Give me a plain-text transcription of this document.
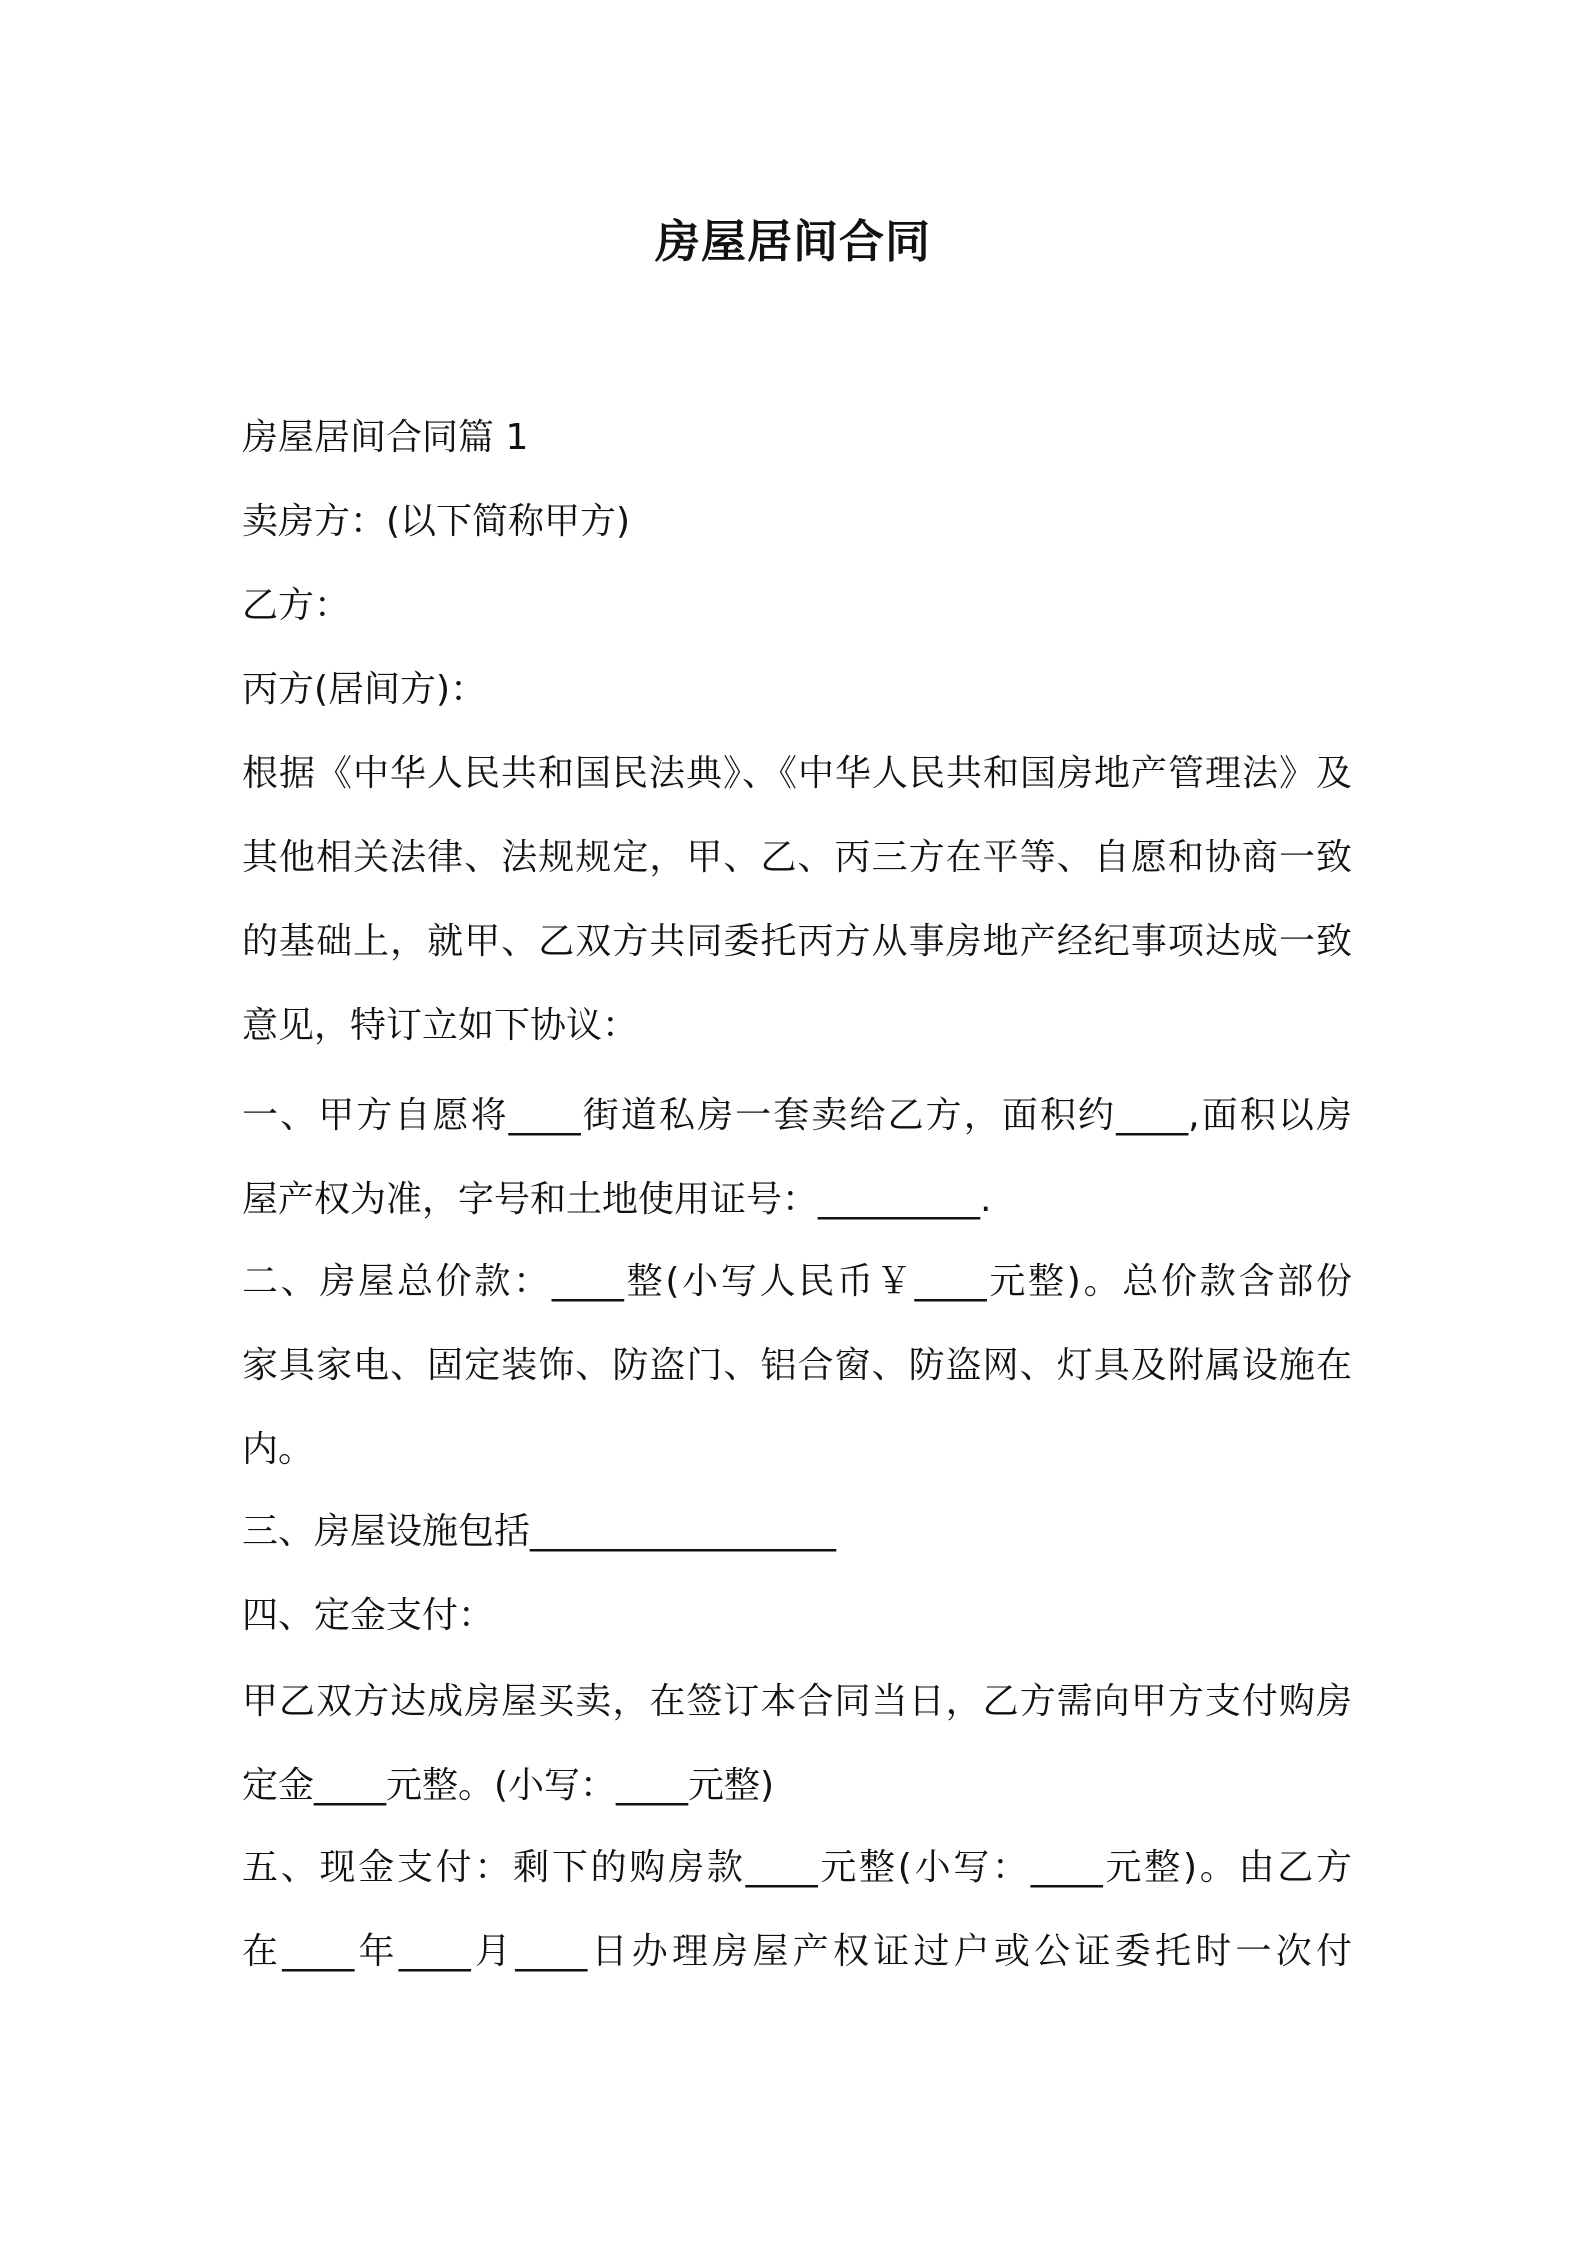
房屋居间合同
房屋居间合同篇 1
卖房方：(以下简称甲方)
乙方：
丙方(居间方)：
根据《中华人民共和国民法典》、《中华人民共和国房地产管理法》及
其他相关法律、法规规定，甲、乙、丙三方在平等、自愿和协商一致
的基础上，就甲、乙双方共同委托丙方从事房地产经纪事项达成一致
意见，特订立如下协议：
一、甲方自愿将____街道私房一套卖给乙方，面积约____,面积以房
屋产权为准，字号和土地使用证号：_________.
二、房屋总价款：____整(小写人民币￥____元整)。总价款含部份
家具家电、固定装饰、防盗门、铝合窗、防盗网、灯具及附属设施在
内。
三、房屋设施包括_________________
四、定金支付：
甲乙双方达成房屋买卖，在签订本合同当日，乙方需向甲方支付购房
定金____元整。(小写：____元整)
五、现金支付：剩下的购房款____元整(小写：____元整)。由乙方
在____年____月____日办理房屋产权证过户或公证委托时一次付
